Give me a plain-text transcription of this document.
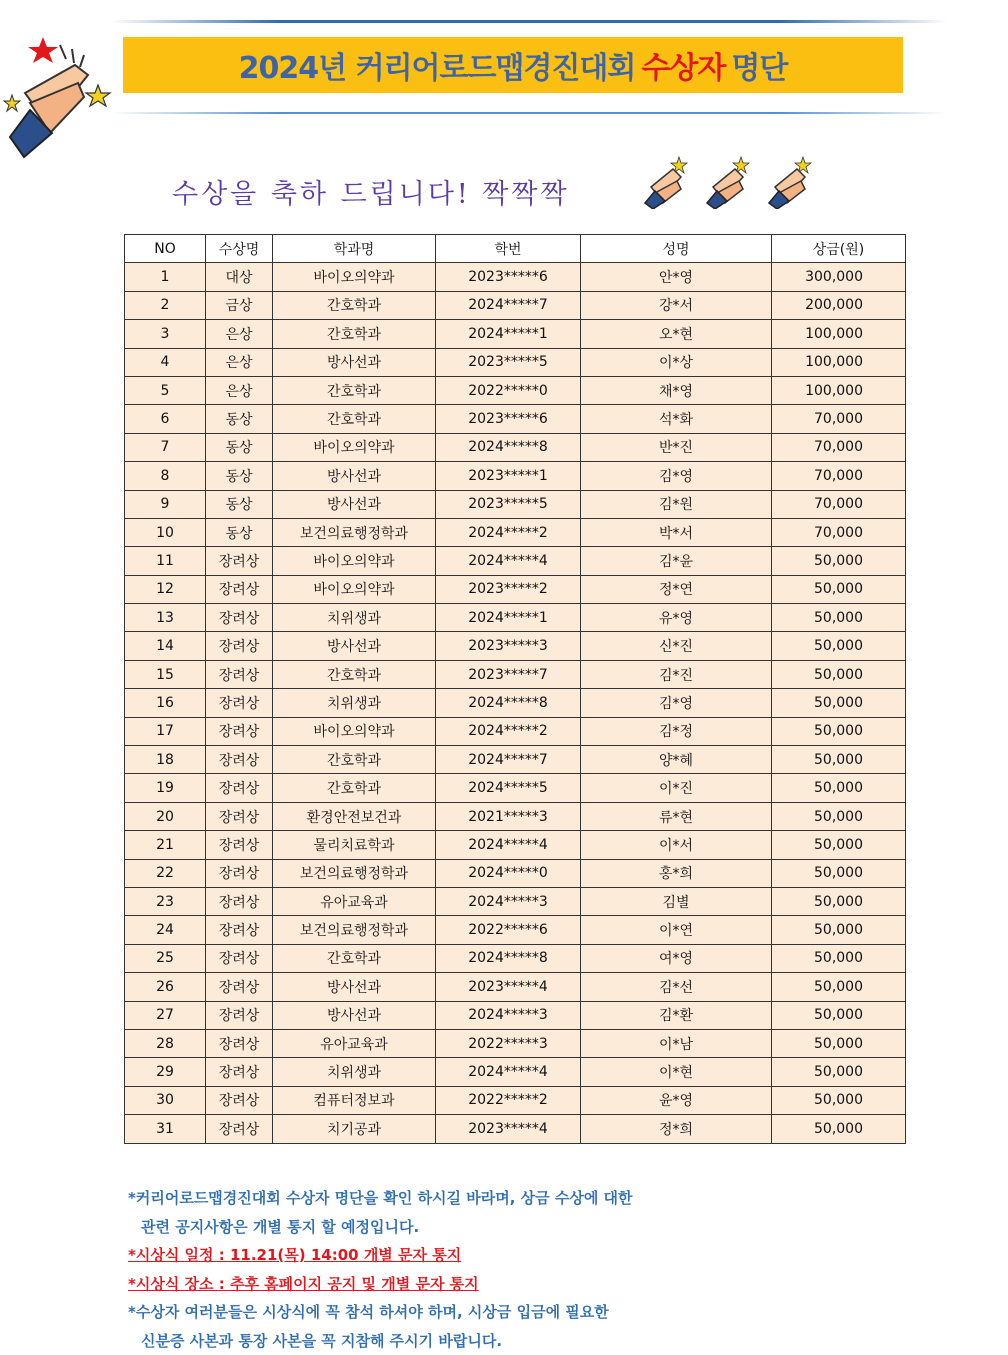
2024년 커리어로드맵경진대회 수상자 명단
수상을 축하 드립니다! 짝짝짝
NO	수상명	학과명	학번	성명	상금(원)
1	대상	바이오의약과	2023*****6	안*영	300,000
2	금상	간호학과	2024*****7	강*서	200,000
3	은상	간호학과	2024*****1	오*현	100,000
4	은상	방사선과	2023*****5	이*상	100,000
5	은상	간호학과	2022*****0	채*영	100,000
6	동상	간호학과	2023*****6	석*화	70,000
7	동상	바이오의약과	2024*****8	반*진	70,000
8	동상	방사선과	2023*****1	김*영	70,000
9	동상	방사선과	2023*****5	김*원	70,000
10	동상	보건의료행정학과	2024*****2	박*서	70,000
11	장려상	바이오의약과	2024*****4	김*윤	50,000
12	장려상	바이오의약과	2023*****2	정*연	50,000
13	장려상	치위생과	2024*****1	유*영	50,000
14	장려상	방사선과	2023*****3	신*진	50,000
15	장려상	간호학과	2023*****7	김*진	50,000
16	장려상	치위생과	2024*****8	김*영	50,000
17	장려상	바이오의약과	2024*****2	김*정	50,000
18	장려상	간호학과	2024*****7	양*혜	50,000
19	장려상	간호학과	2024*****5	이*진	50,000
20	장려상	환경안전보건과	2021*****3	류*현	50,000
21	장려상	물리치료학과	2024*****4	이*서	50,000
22	장려상	보건의료행정학과	2024*****0	홍*희	50,000
23	장려상	유아교육과	2024*****3	김별	50,000
24	장려상	보건의료행정학과	2022*****6	이*연	50,000
25	장려상	간호학과	2024*****8	여*영	50,000
26	장려상	방사선과	2023*****4	김*선	50,000
27	장려상	방사선과	2024*****3	김*환	50,000
28	장려상	유아교육과	2022*****3	이*남	50,000
29	장려상	치위생과	2024*****4	이*현	50,000
30	장려상	컴퓨터정보과	2022*****2	윤*영	50,000
31	장려상	치기공과	2023*****4	정*희	50,000
*커리어로드맵경진대회 수상자 명단을 확인 하시길 바라며, 상금 수상에 대한
관련 공지사항은 개별 통지 할 예정입니다.
*시상식 일정 : 11.21(목) 14:00 개별 문자 통지
*시상식 장소 : 추후 홈페이지 공지 및 개별 문자 통지
*수상자 여러분들은 시상식에 꼭 참석 하셔야 하며, 시상금 입금에 필요한
신분증 사본과 통장 사본을 꼭 지참해 주시기 바랍니다.
